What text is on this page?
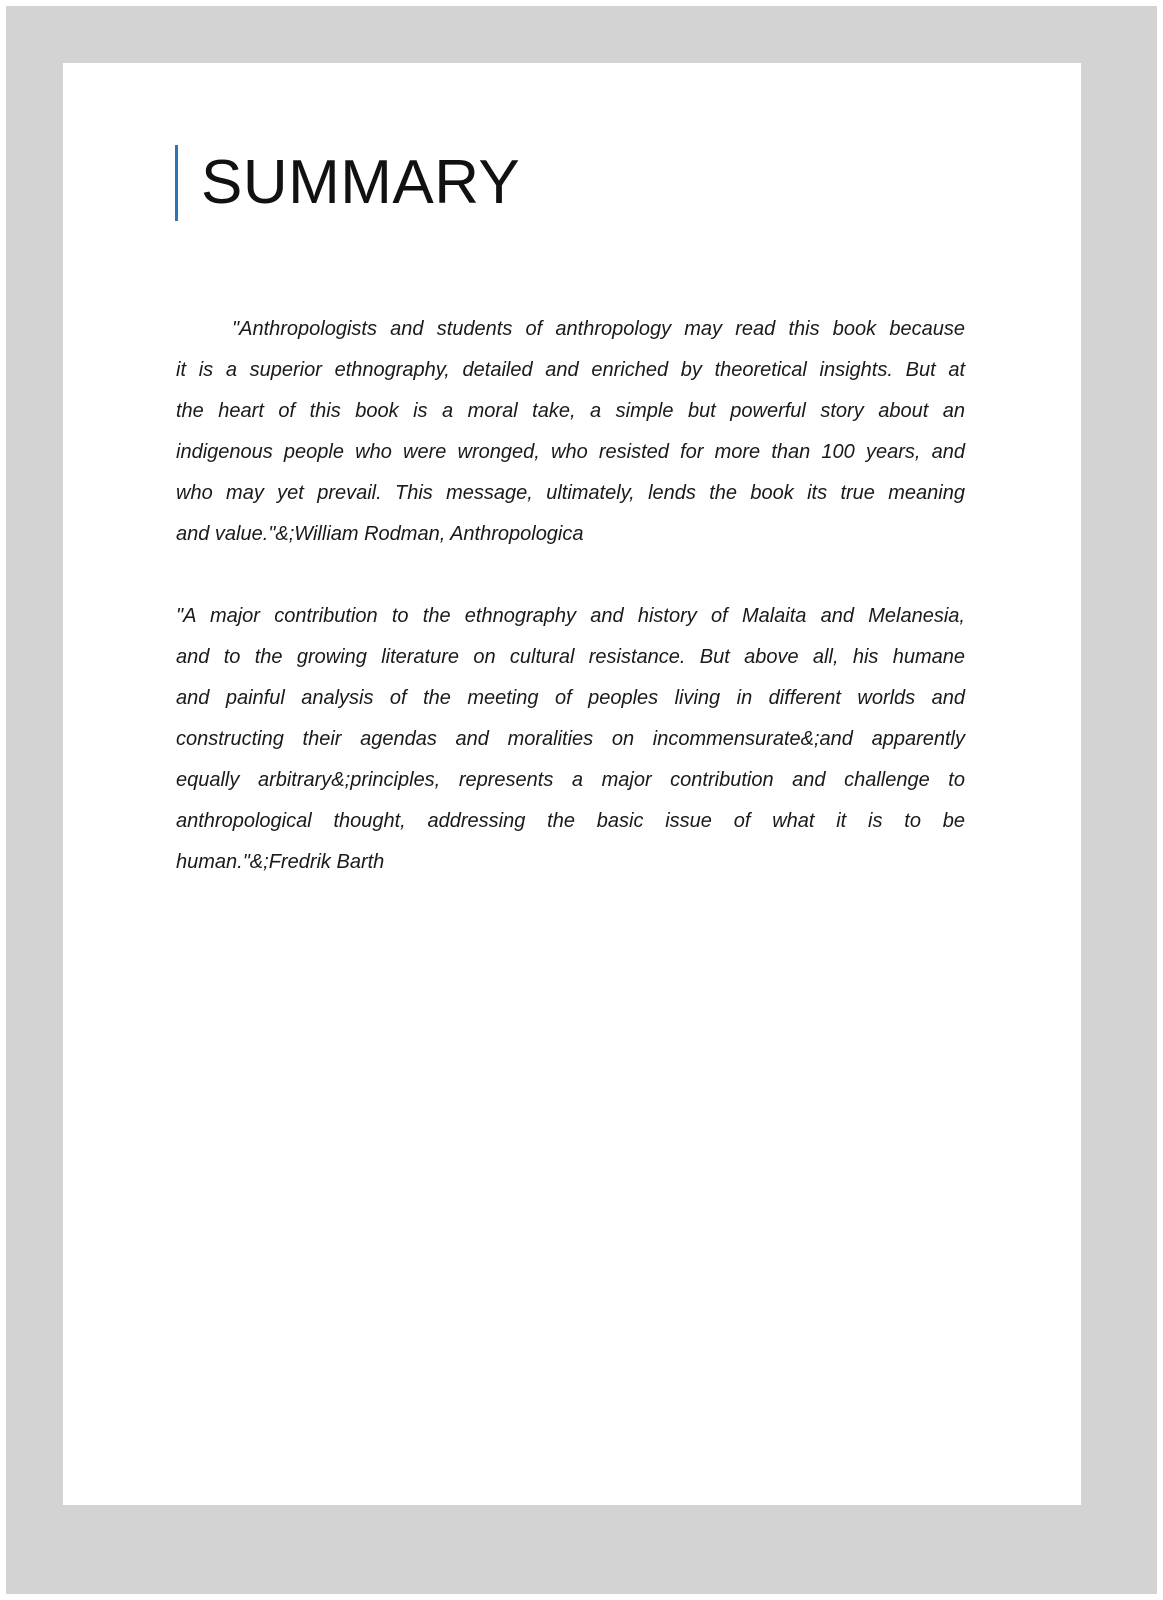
SUMMARY
"Anthropologists and students of anthropology may read this book because
it is a superior ethnography, detailed and enriched by theoretical insights. But at
the heart of this book is a moral take, a simple but powerful story about an
indigenous people who were wronged, who resisted for more than 100 years, and
who may yet prevail. This message, ultimately, lends the book its true meaning
and value."&;William Rodman, Anthropologica
"A major contribution to the ethnography and history of Malaita and Melanesia,
and to the growing literature on cultural resistance. But above all, his humane
and painful analysis of the meeting of peoples living in different worlds and
constructing their agendas and moralities on incommensurate&;and apparently
equally arbitrary&;principles, represents a major contribution and challenge to
anthropological thought, addressing the basic issue of what it is to be
human."&;Fredrik Barth
